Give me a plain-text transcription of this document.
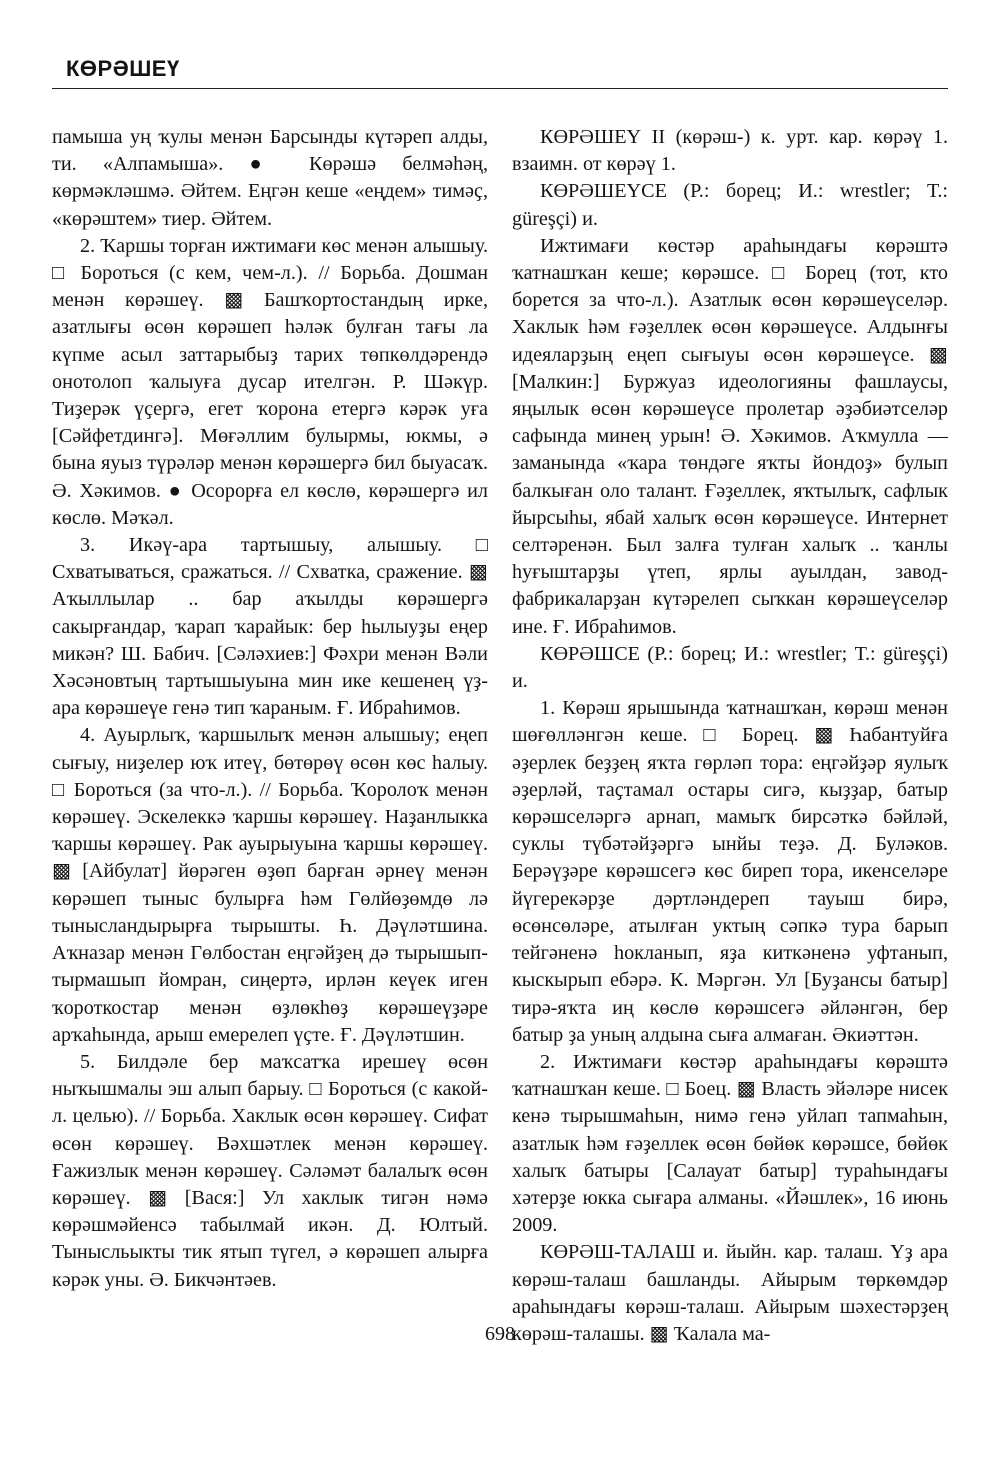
КӨРӘШЕҮ

памыша уң ҡулы менән Барсынды күтәреп алды, ти. «Алпамыша». ● Көрәшә белмәһәң, көрмәкләшмә. Әйтем. Еңгән кеше «еңдем» тимәҫ, «көрәштем» тиер. Әйтем.

2. Ҡаршы торған ижтимағи көс менән алышыу. □ Бороться (с кем, чем-л.). // Борьба. Дошман менән көрәшеү. ▩ Башҡортостандың ирке, азатлығы өсөн көрәшеп һәләк булған тағы ла күпме асыл заттарыбыҙ тарих төпкөлдәрендә онотолоп ҡалыуға дусар ителгән. Р. Шәкүр. Тиҙерәк үҫергә, егет ҡорона етергә кәрәк уға [Сәйфетдингә]. Мөғәллим булырмы, юкмы, ә бына яуыз түрәләр менән көрәшергә бил быуасаҡ. Ә. Хәкимов. ● Осорорға ел көслө, көрәшергә ил көслө. Мәҡәл.

3. Икәү-ара тартышыу, алышыу. □ Схватываться, сражаться. // Схватка, сражение. ▩ Аҡыллылар .. бар аҡылды көрәшергә сакырғандар, ҡарап ҡарайык: бер һылыуҙы еңер микән? Ш. Бабич. [Сәләхиев:] Фәхри менән Вәли Хәсәновтың тартышыуына мин ике кешенең үҙ-ара көрәшеүе генә тип ҡараным. Ғ. Ибраһимов.

4. Ауырлыҡ, ҡаршылыҡ менән алышыу; еңеп сығыу, ниҙелер юҡ итеү, бөтөрөү өсөн көс һалыу. □ Бороться (за что-л.). // Борьба. Ҡоролоҡ менән көрәшеү. Эскелеккә ҡаршы көрәшеү. Наҙанлыкка ҡаршы көрәшеү. Рак ауырыуына ҡаршы көрәшеү. ▩ [Айбулат] йөрәген өҙөп барған әрнеү менән көрәшеп тыныс булырға һәм Гөлйөҙөмдө лә тынысландырырға тырышты. Һ. Дәүләтшина. Аҡназар менән Гөлбостан еңгәйҙең дә тырышып-тырмашып йомран, сиңертә, ирлән кеүек иген ҡороткостар менән өҙлөкһөҙ көрәшеүҙәре арҡаһында, арыш емерелеп үҫте. Ғ. Дәүләтшин.

5. Билдәле бер маҡсатҡа ирешеү өсөн ныҡышмалы эш алып барыу. □ Бороться (с какой-л. целью). // Борьба. Хаклык өсөн көрәшеү. Сифат өсөн көрәшеү. Вәхшәтлек менән көрәшеү. Ғажизлык менән көрәшеү. Сәләмәт балалыҡ өсөн көрәшеү. ▩ [Вася:] Ул хаклык тигән нәмә көрәшмәйенсә табылмай икән. Д. Юлтый. Тынысльыкты тик ятып түгел, ә көрәшеп алырға кәрәк уны. Ә. Бикчәнтәев.

КӨРӘШЕҮ II (көрәш-) к. урт. кар. көрәү 1. взаимн. от көрәү 1.

КӨРӘШЕҮСЕ (Р.: борец; И.: wrestler; Т.: güreşçi) и.

Ижтимағи көстәр араһындағы көрәштә ҡатнашҡан кеше; көрәшсе. □ Борец (тот, кто борется за что-л.). Азатлык өсөн көрәшеүселәр. Хаклык һәм ғәҙеллек өсөн көрәшеүсе. Алдынғы идеяларҙың еңеп сығыуы өсөн көрәшеүсе. ▩ [Малкин:] Буржуаз идеологияны фашлаусы, яңылык өсөн көрәшеүсе пролетар әҙәбиәтселәр сафында минең урын! Ә. Хәкимов. Аҡмулла — заманында «ҡара төндәге яҡты йондоҙ» булып балкыған оло талант. Ғәҙеллек, яҡтылыҡ, сафлык йырсыһы, ябай халыҡ өсөн көрәшеүсе. Интернет селтәренән. Был залға тулған халыҡ .. ҡанлы һуғыштарҙы үтеп, ярлы ауылдан, завод-фабрикаларҙан күтәрелеп сыҡкан көрәшеүселәр ине. Ғ. Ибраһимов.

КӨРӘШСЕ (Р.: борец; И.: wrestler; Т.: güreşçi) и.

1. Көрәш ярышында ҡатнашҡан, көрәш менән шөғөлләнгән кеше. □ Борец. ▩ Һабантуйға әҙерлек беҙҙең яҡта гөрләп тора: еңгәйҙәр яулыҡ әҙерләй, таҫтамал остары сигә, кыҙҙар, батыр көрәшселәргә арнап, мамыҡ бирсәткә бәйләй, суклы түбәтәйҙәргә ынйы теҙә. Д. Буләков. Берәүҙәре көрәшсегә көс биреп тора, икенселәре йүгерекәрҙе дәртләндереп тауыш бирә, өсөнсөләре, атылған уктың сәпкә тура барып тейгәненә һокланып, яҙа киткәненә уфтанып, кыскырып ебәрә. К. Мәргән. Ул [Буҙансы батыр] тирә-яҡта иң көслө көрәшсегә әйләнгән, бер батыр ҙа уның алдына сыға алмаған. Әкиәттән.

2. Ижтимағи көстәр араһындағы көрәштә ҡатнашҡан кеше. □ Боец. ▩ Власть эйәләре нисек кенә тырышмаһын, нимә генә уйлап тапмаһын, азатлык һәм ғәҙеллек өсөн бөйөк көрәшсе, бөйөк халыҡ батыры [Салауат батыр] тураһындағы хәтерҙе юкка сығара алманы. «Йәшлек», 16 июнь 2009.

КӨРӘШ-ТАЛАШ и. йыйн. кар. талаш. Үҙ ара көрәш-талаш башланды. Айырым төркөмдәр араһындағы көрәш-талаш. Айырым шәхестәрҙең көрәш-талашы. ▩ Ҡалала ма-

698
